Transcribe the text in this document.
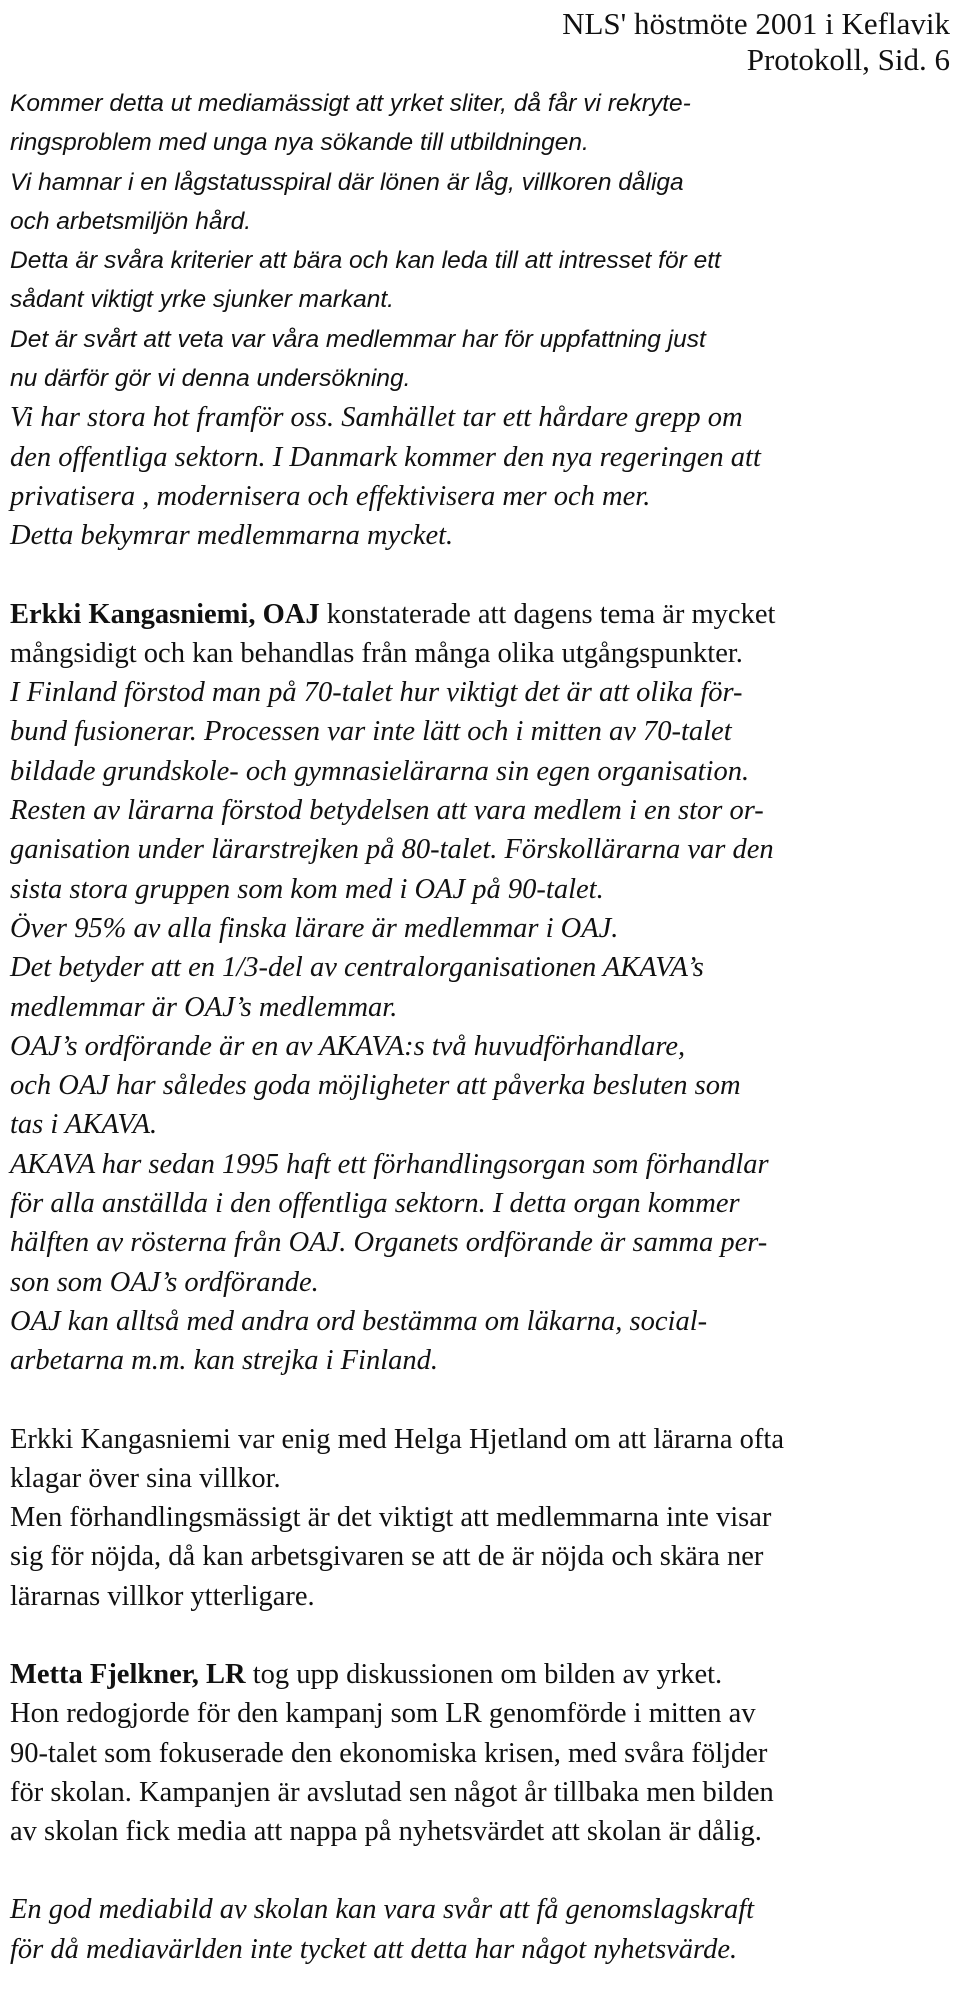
NLS' höstmöte 2001 i Keflavik
Protokoll, Sid. 6
Kommer detta ut mediamässigt att yrket sliter, då får vi rekryte-
ringsproblem med unga nya sökande till utbildningen.
Vi hamnar i en lågstatusspiral där lönen är låg, villkoren dåliga
och arbetsmiljön hård.
Detta är svåra kriterier att bära och kan leda till att intresset för ett
sådant viktigt yrke sjunker markant.
Det är svårt att veta var våra medlemmar har för uppfattning just
nu därför gör vi denna undersökning.
Vi har stora hot framför oss. Samhället tar ett hårdare grepp om
den offentliga sektorn. I Danmark kommer den nya regeringen att
privatisera , modernisera och effektivisera mer och mer.
Detta bekymrar medlemmarna mycket.
Erkki Kangasniemi, OAJ konstaterade att dagens tema är mycket
mångsidigt och kan behandlas från många olika utgångspunkter.
I Finland förstod man på 70-talet hur viktigt det är att olika för-
bund fusionerar. Processen var inte lätt och i mitten av 70-talet
bildade grundskole- och gymnasielärarna sin egen organisation.
Resten av lärarna förstod betydelsen att vara medlem i en stor or-
ganisation under lärarstrejken på 80-talet. Förskollärarna var den
sista stora gruppen som kom med i OAJ på 90-talet.
Över 95% av alla finska lärare är medlemmar i OAJ.
Det betyder att en 1/3-del av centralorganisationen AKAVA’s
medlemmar är OAJ’s medlemmar.
OAJ’s ordförande är en av AKAVA:s två huvudförhandlare,
och OAJ har således goda möjligheter att påverka besluten som
tas i AKAVA.
AKAVA har sedan 1995 haft ett förhandlingsorgan som förhandlar
för alla anställda i den offentliga sektorn. I detta organ kommer
hälften av rösterna från OAJ. Organets ordförande är samma per-
son som OAJ’s ordförande.
OAJ kan alltså med andra ord bestämma om läkarna, social-
arbetarna m.m. kan strejka i Finland.
Erkki Kangasniemi var enig med Helga Hjetland om att lärarna ofta
klagar över sina villkor.
Men förhandlingsmässigt är det viktigt att medlemmarna inte visar
sig för nöjda, då kan arbetsgivaren se att de är nöjda och skära ner
lärarnas villkor ytterligare.
Metta Fjelkner, LR tog upp diskussionen om bilden av yrket.
Hon redogjorde för den kampanj som LR genomförde i mitten av
90-talet som fokuserade den ekonomiska krisen, med svåra följder
för skolan. Kampanjen är avslutad sen något år tillbaka men bilden
av skolan fick media att nappa på nyhetsvärdet att skolan är dålig.
En god mediabild av skolan kan vara svår att få genomslagskraft
för då mediavärlden inte tycket att detta har något nyhetsvärde.
